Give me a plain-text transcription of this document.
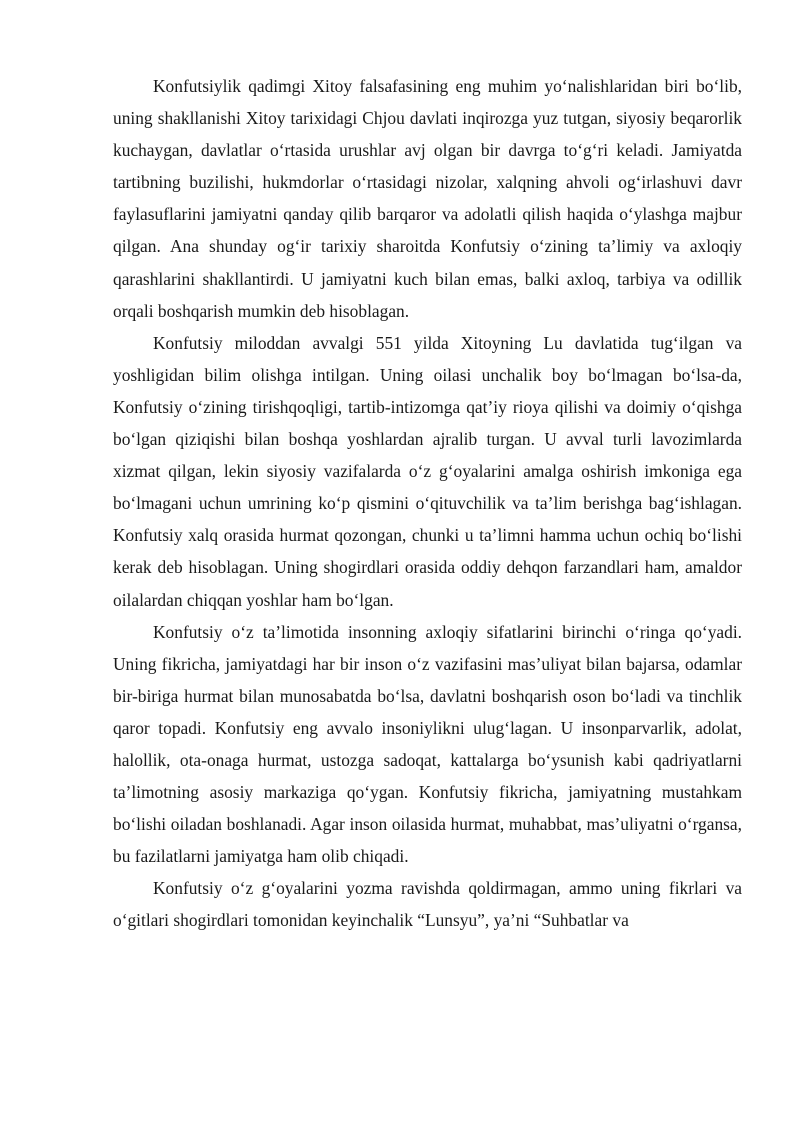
Konfutsiylik qadimgi Xitoy falsafasining eng muhim yo‘nalishlaridan biri bo‘lib, uning shakllanishi Xitoy tarixidagi Chjou davlati inqirozga yuz tutgan, siyosiy beqarorlik kuchaygan, davlatlar o‘rtasida urushlar avj olgan bir davrga to‘g‘ri keladi. Jamiyatda tartibning buzilishi, hukmdorlar o‘rtasidagi nizolar, xalqning ahvoli og‘irlashuvi davr faylasuflarini jamiyatni qanday qilib barqaror va adolatli qilish haqida o‘ylashga majbur qilgan. Ana shunday og‘ir tarixiy sharoitda Konfutsiy o‘zining ta’limiy va axloqiy qarashlarini shakllantirdi. U jamiyatni kuch bilan emas, balki axloq, tarbiya va odillik orqali boshqarish mumkin deb hisoblagan.

Konfutsiy miloddan avvalgi 551 yilda Xitoyning Lu davlatida tug‘ilgan va yoshligidan bilim olishga intilgan. Uning oilasi unchalik boy bo‘lmagan bo‘lsa-da, Konfutsiy o‘zining tirishqoqligi, tartib-intizomga qat’iy rioya qilishi va doimiy o‘qishga bo‘lgan qiziqishi bilan boshqa yoshlardan ajralib turgan. U avval turli lavozimlarda xizmat qilgan, lekin siyosiy vazifalarda o‘z g‘oyalarini amalga oshirish imkoniga ega bo‘lmagani uchun umrining ko‘p qismini o‘qituvchilik va ta’lim berishga bag‘ishlagan. Konfutsiy xalq orasida hurmat qozongan, chunki u ta’limni hamma uchun ochiq bo‘lishi kerak deb hisoblagan. Uning shogirdlari orasida oddiy dehqon farzandlari ham, amaldor oilalardan chiqqan yoshlar ham bo‘lgan.

Konfutsiy o‘z ta’limotida insonning axloqiy sifatlarini birinchi o‘ringa qo‘yadi. Uning fikricha, jamiyatdagi har bir inson o‘z vazifasini mas’uliyat bilan bajarsa, odamlar bir-biriga hurmat bilan munosabatda bo‘lsa, davlatni boshqarish oson bo‘ladi va tinchlik qaror topadi. Konfutsiy eng avvalo insoniylikni ulug‘lagan. U insonparvarlik, adolat, halollik, ota-onaga hurmat, ustozga sadoqat, kattalarga bo‘ysunish kabi qadriyatlarni ta’limotning asosiy markaziga qo‘ygan. Konfutsiy fikricha, jamiyatning mustahkam bo‘lishi oiladan boshlanadi. Agar inson oilasida hurmat, muhabbat, mas’uliyatni o‘rgansa, bu fazilatlarni jamiyatga ham olib chiqadi.

Konfutsiy o‘z g‘oyalarini yozma ravishda qoldirmagan, ammo uning fikrlari va o‘gitlari shogirdlari tomonidan keyinchalik “Lunsyu”, ya’ni “Suhbatlar va
